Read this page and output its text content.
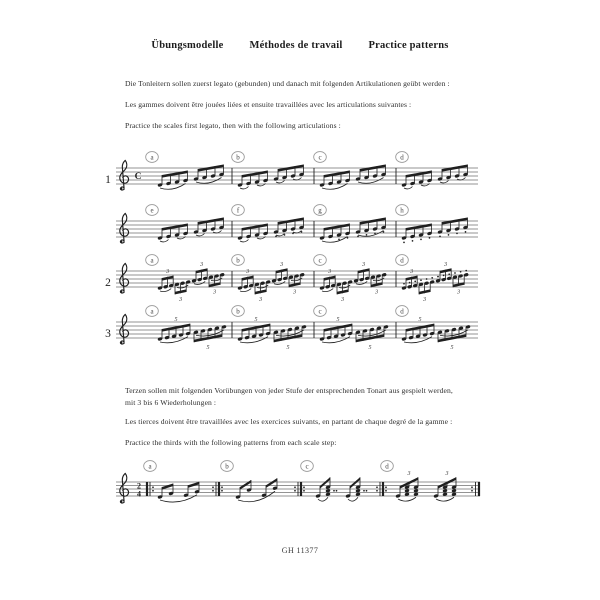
Übungsmodelle Méthodes de travail Practice patterns
Die Tonleitern sollen zuerst legato (gebunden) und danach mit folgenden Artikulationen geübt werden :
Les gammes doivent être jouées liées et ensuite travaillées avec les articulations suivantes :
Practice the scales first legato, then with the following articulations :
1 C
a	b	c	d
e	f	g	h
2
a
3
3
3
3
b
3
3
3
3
c
3
3
3
3
d
3
3
3
3
3
a
5
5
b
5
5
c
5
5
d
5
5
Terzen sollen mit folgenden Vorübungen von jeder Stufe der entsprechenden Tonart aus gespielt werden,
mit 3 bis 6 Wiederholungen :
Les tierces doivent être travaillées avec les exercices suivants, en partant de chaque degré de la gamme :
Practice the thirds with the following patterns from each scale step:
2
4
a	b	c	d
3	3
GH 11377
